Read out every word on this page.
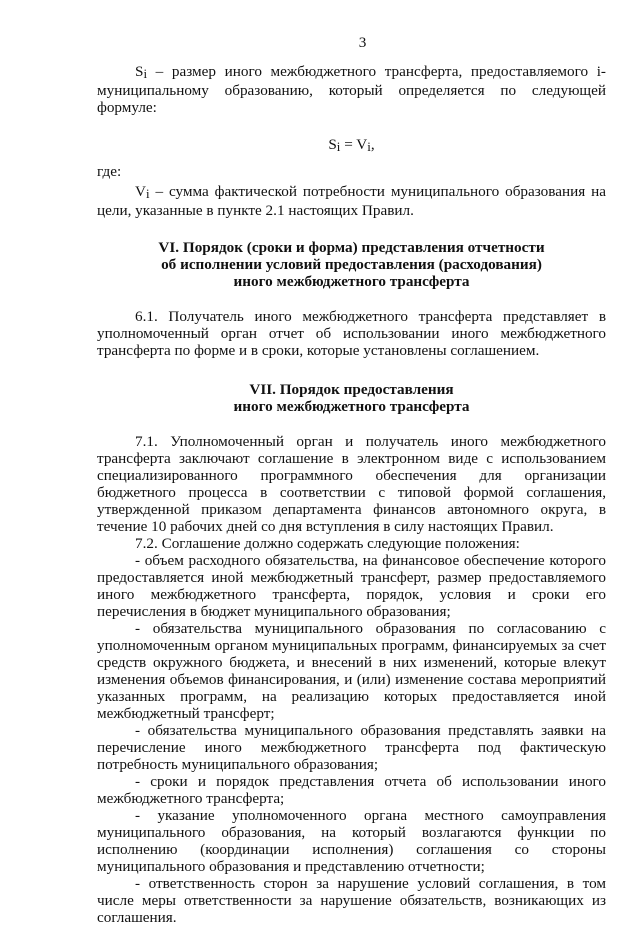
3

$S_i$ – размер иного межбюджетного трансферта, предоставляемого i-муниципальному образованию, который определяется по следующей формуле:

$S_i = V_i$,

где:

$V_i$ – сумма фактической потребности муниципального образования на цели, указанные в пункте 2.1 настоящих Правил.

VI. Порядок (сроки и форма) представления отчетности
об исполнении условий предоставления (расходования)
иного межбюджетного трансферта

6.1. Получатель иного межбюджетного трансферта представляет в уполномоченный орган отчет об использовании иного межбюджетного трансферта по форме и в сроки, которые установлены соглашением.

VII. Порядок предоставления
иного межбюджетного трансферта

7.1. Уполномоченный орган и получатель иного межбюджетного трансферта заключают соглашение в электронном виде с использованием специализированного программного обеспечения для организации бюджетного процесса в соответствии с типовой формой соглашения, утвержденной приказом департамента финансов автономного округа, в течение 10 рабочих дней со дня вступления в силу настоящих Правил.

7.2. Соглашение должно содержать следующие положения:

- объем расходного обязательства, на финансовое обеспечение которого предоставляется иной межбюджетный трансферт, размер предоставляемого иного межбюджетного трансферта, порядок, условия и сроки его перечисления в бюджет муниципального образования;

- обязательства муниципального образования по согласованию с уполномоченным органом муниципальных программ, финансируемых за счет средств окружного бюджета, и внесений в них изменений, которые влекут изменения объемов финансирования, и (или) изменение состава мероприятий указанных программ, на реализацию которых предоставляется иной межбюджетный трансферт;

- обязательства муниципального образования представлять заявки на перечисление иного межбюджетного трансферта под фактическую потребность муниципального образования;

- сроки и порядок представления отчета об использовании иного межбюджетного трансферта;

- указание уполномоченного органа местного самоуправления муниципального образования, на который возлагаются функции по исполнению (координации исполнения) соглашения со стороны муниципального образования и представлению отчетности;

- ответственность сторон за нарушение условий соглашения, в том числе меры ответственности за нарушение обязательств, возникающих из соглашения.
